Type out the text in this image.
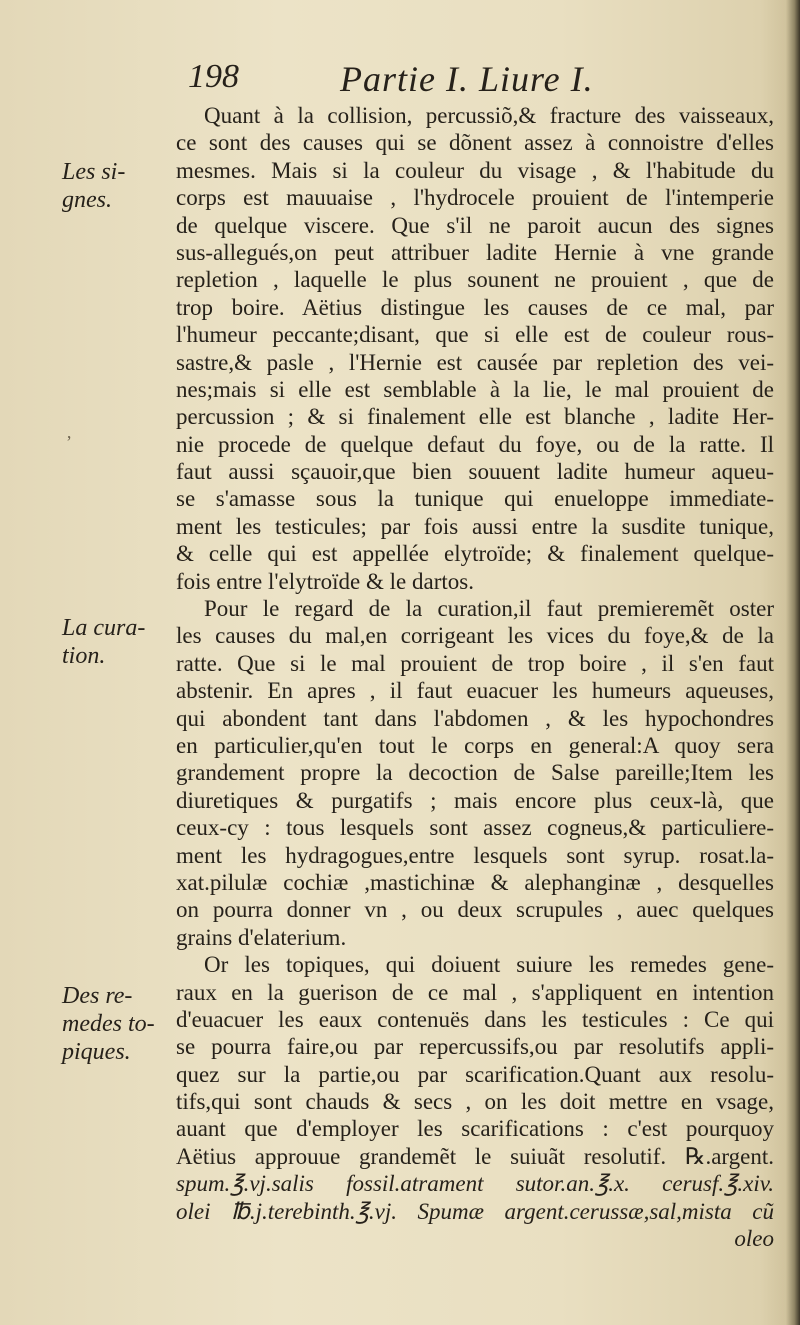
198	Partie I. Liure I.
Les si-
gnes.
La cura-
tion.
Des re-
medes to-
piques.
ʼ
Quant à la collision, percussiõ,& fracture des vaisseaux,
ce sont des causes qui se dõnent assez à connoistre d'elles
mesmes. Mais si la couleur du visage , & l'habitude du
corps est mauuaise , l'hydrocele prouient de l'intemperie
de quelque viscere. Que s'il ne paroit aucun des signes
sus-allegués,on peut attribuer ladite Hernie à vne grande
repletion , laquelle le plus sounent ne prouient , que de
trop boire. Aëtius distingue les causes de ce mal, par
l'humeur peccante;disant, que si elle est de couleur rous-
sastre,& pasle , l'Hernie est causée par repletion des vei-
nes;mais si elle est semblable à la lie, le mal prouient de
percussion ; & si finalement elle est blanche , ladite Her-
nie procede de quelque defaut du foye, ou de la ratte. Il
faut aussi sçauoir,que bien souuent ladite humeur aqueu-
se s'amasse sous la tunique qui enueloppe immediate-
ment les testicules; par fois aussi entre la susdite tunique,
& celle qui est appellée elytroïde; & finalement quelque-
fois entre l'elytroïde & le dartos.
Pour le regard de la curation,il faut premieremẽt oster
les causes du mal,en corrigeant les vices du foye,& de la
ratte. Que si le mal prouient de trop boire , il s'en faut
abstenir. En apres , il faut euacuer les humeurs aqueuses,
qui abondent tant dans l'abdomen , & les hypochondres
en particulier,qu'en tout le corps en general:A quoy sera
grandement propre la decoction de Salse pareille;Item les
diuretiques & purgatifs ; mais encore plus ceux-là, que
ceux-cy : tous lesquels sont assez cogneus,& particuliere-
ment les hydragogues,entre lesquels sont syrup. rosat.la-
xat.pilulæ cochiæ ,mastichinæ & alephanginæ , desquelles
on pourra donner vn , ou deux scrupules , auec quelques
grains d'elaterium.
Or les topiques, qui doiuent suiure les remedes gene-
raux en la guerison de ce mal , s'appliquent en intention
d'euacuer les eaux contenuës dans les testicules : Ce qui
se pourra faire,ou par repercussifs,ou par resolutifs appli-
quez sur la partie,ou par scarification.Quant aux resolu-
tifs,qui sont chauds & secs , on les doit mettre en vsage,
auant que d'employer les scarifications : c'est pourquoy
Aëtius approuue grandemẽt le suiuãt resolutif. ℞.argent.
spum.℥.vj.salis fossil.atrament sutor.an.℥.x. cerusf.℥.xiv.
olei ℔.j.terebinth.℥.vj. Spumæ argent.cerussæ,sal,mista cũ
oleo
